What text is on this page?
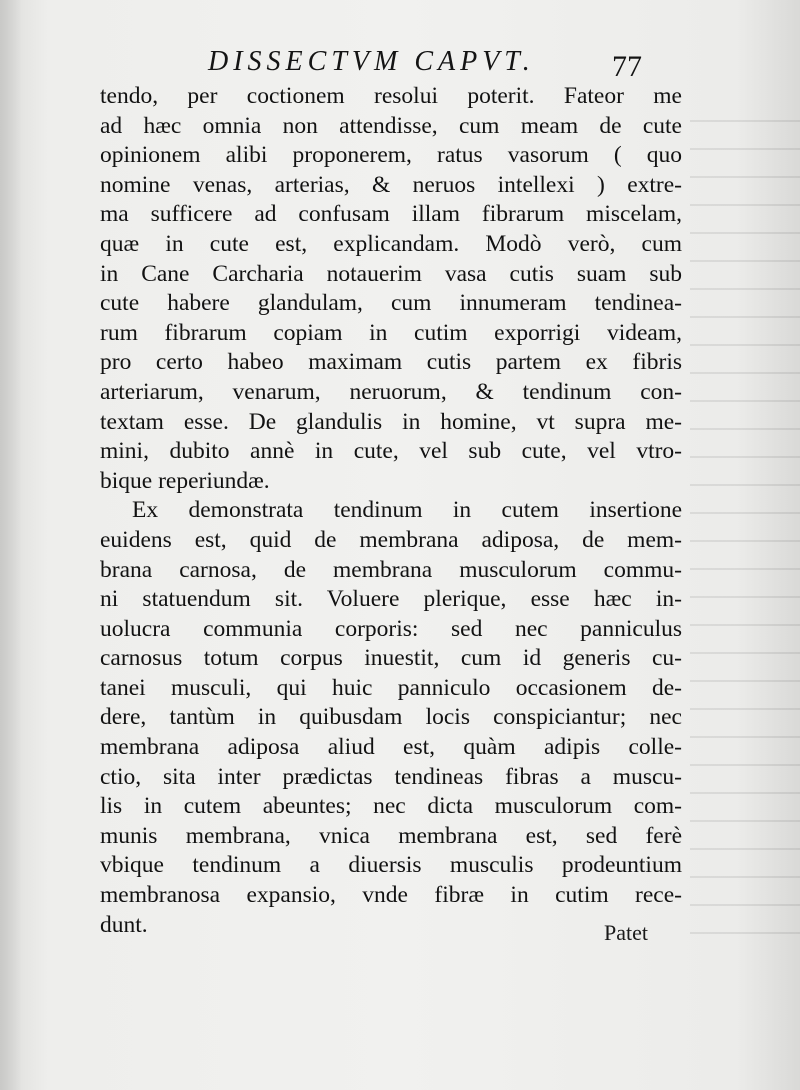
DISSECTVM CAPVT.	77
tendo, per coctionem resolui poterit. Fateor me
ad hæc omnia non attendisse, cum meam de cute
opinionem alibi proponerem, ratus vasorum ( quo
nomine venas, arterias, & neruos intellexi ) extre-
ma sufficere ad confusam illam fibrarum miscelam,
quæ in cute est, explicandam. Modò verò, cum
in Cane Carcharia notauerim vasa cutis suam sub
cute habere glandulam, cum innumeram tendinea-
rum fibrarum copiam in cutim exporrigi videam,
pro certo habeo maximam cutis partem ex fibris
arteriarum, venarum, neruorum, & tendinum con-
textam esse. De glandulis in homine, vt supra me-
mini, dubito annè in cute, vel sub cute, vel vtro-
bique reperiundæ.
Ex demonstrata tendinum in cutem insertione
euidens est, quid de membrana adiposa, de mem-
brana carnosa, de membrana musculorum commu-
ni statuendum sit. Voluere plerique, esse hæc in-
uolucra communia corporis: sed nec panniculus
carnosus totum corpus inuestit, cum id generis cu-
tanei musculi, qui huic panniculo occasionem de-
dere, tantùm in quibusdam locis conspiciantur; nec
membrana adiposa aliud est, quàm adipis colle-
ctio, sita inter prædictas tendineas fibras a muscu-
lis in cutem abeuntes; nec dicta musculorum com-
munis membrana, vnica membrana est, sed ferè
vbique tendinum a diuersis musculis prodeuntium
membranosa expansio, vnde fibræ in cutim rece-
dunt.	Patet
